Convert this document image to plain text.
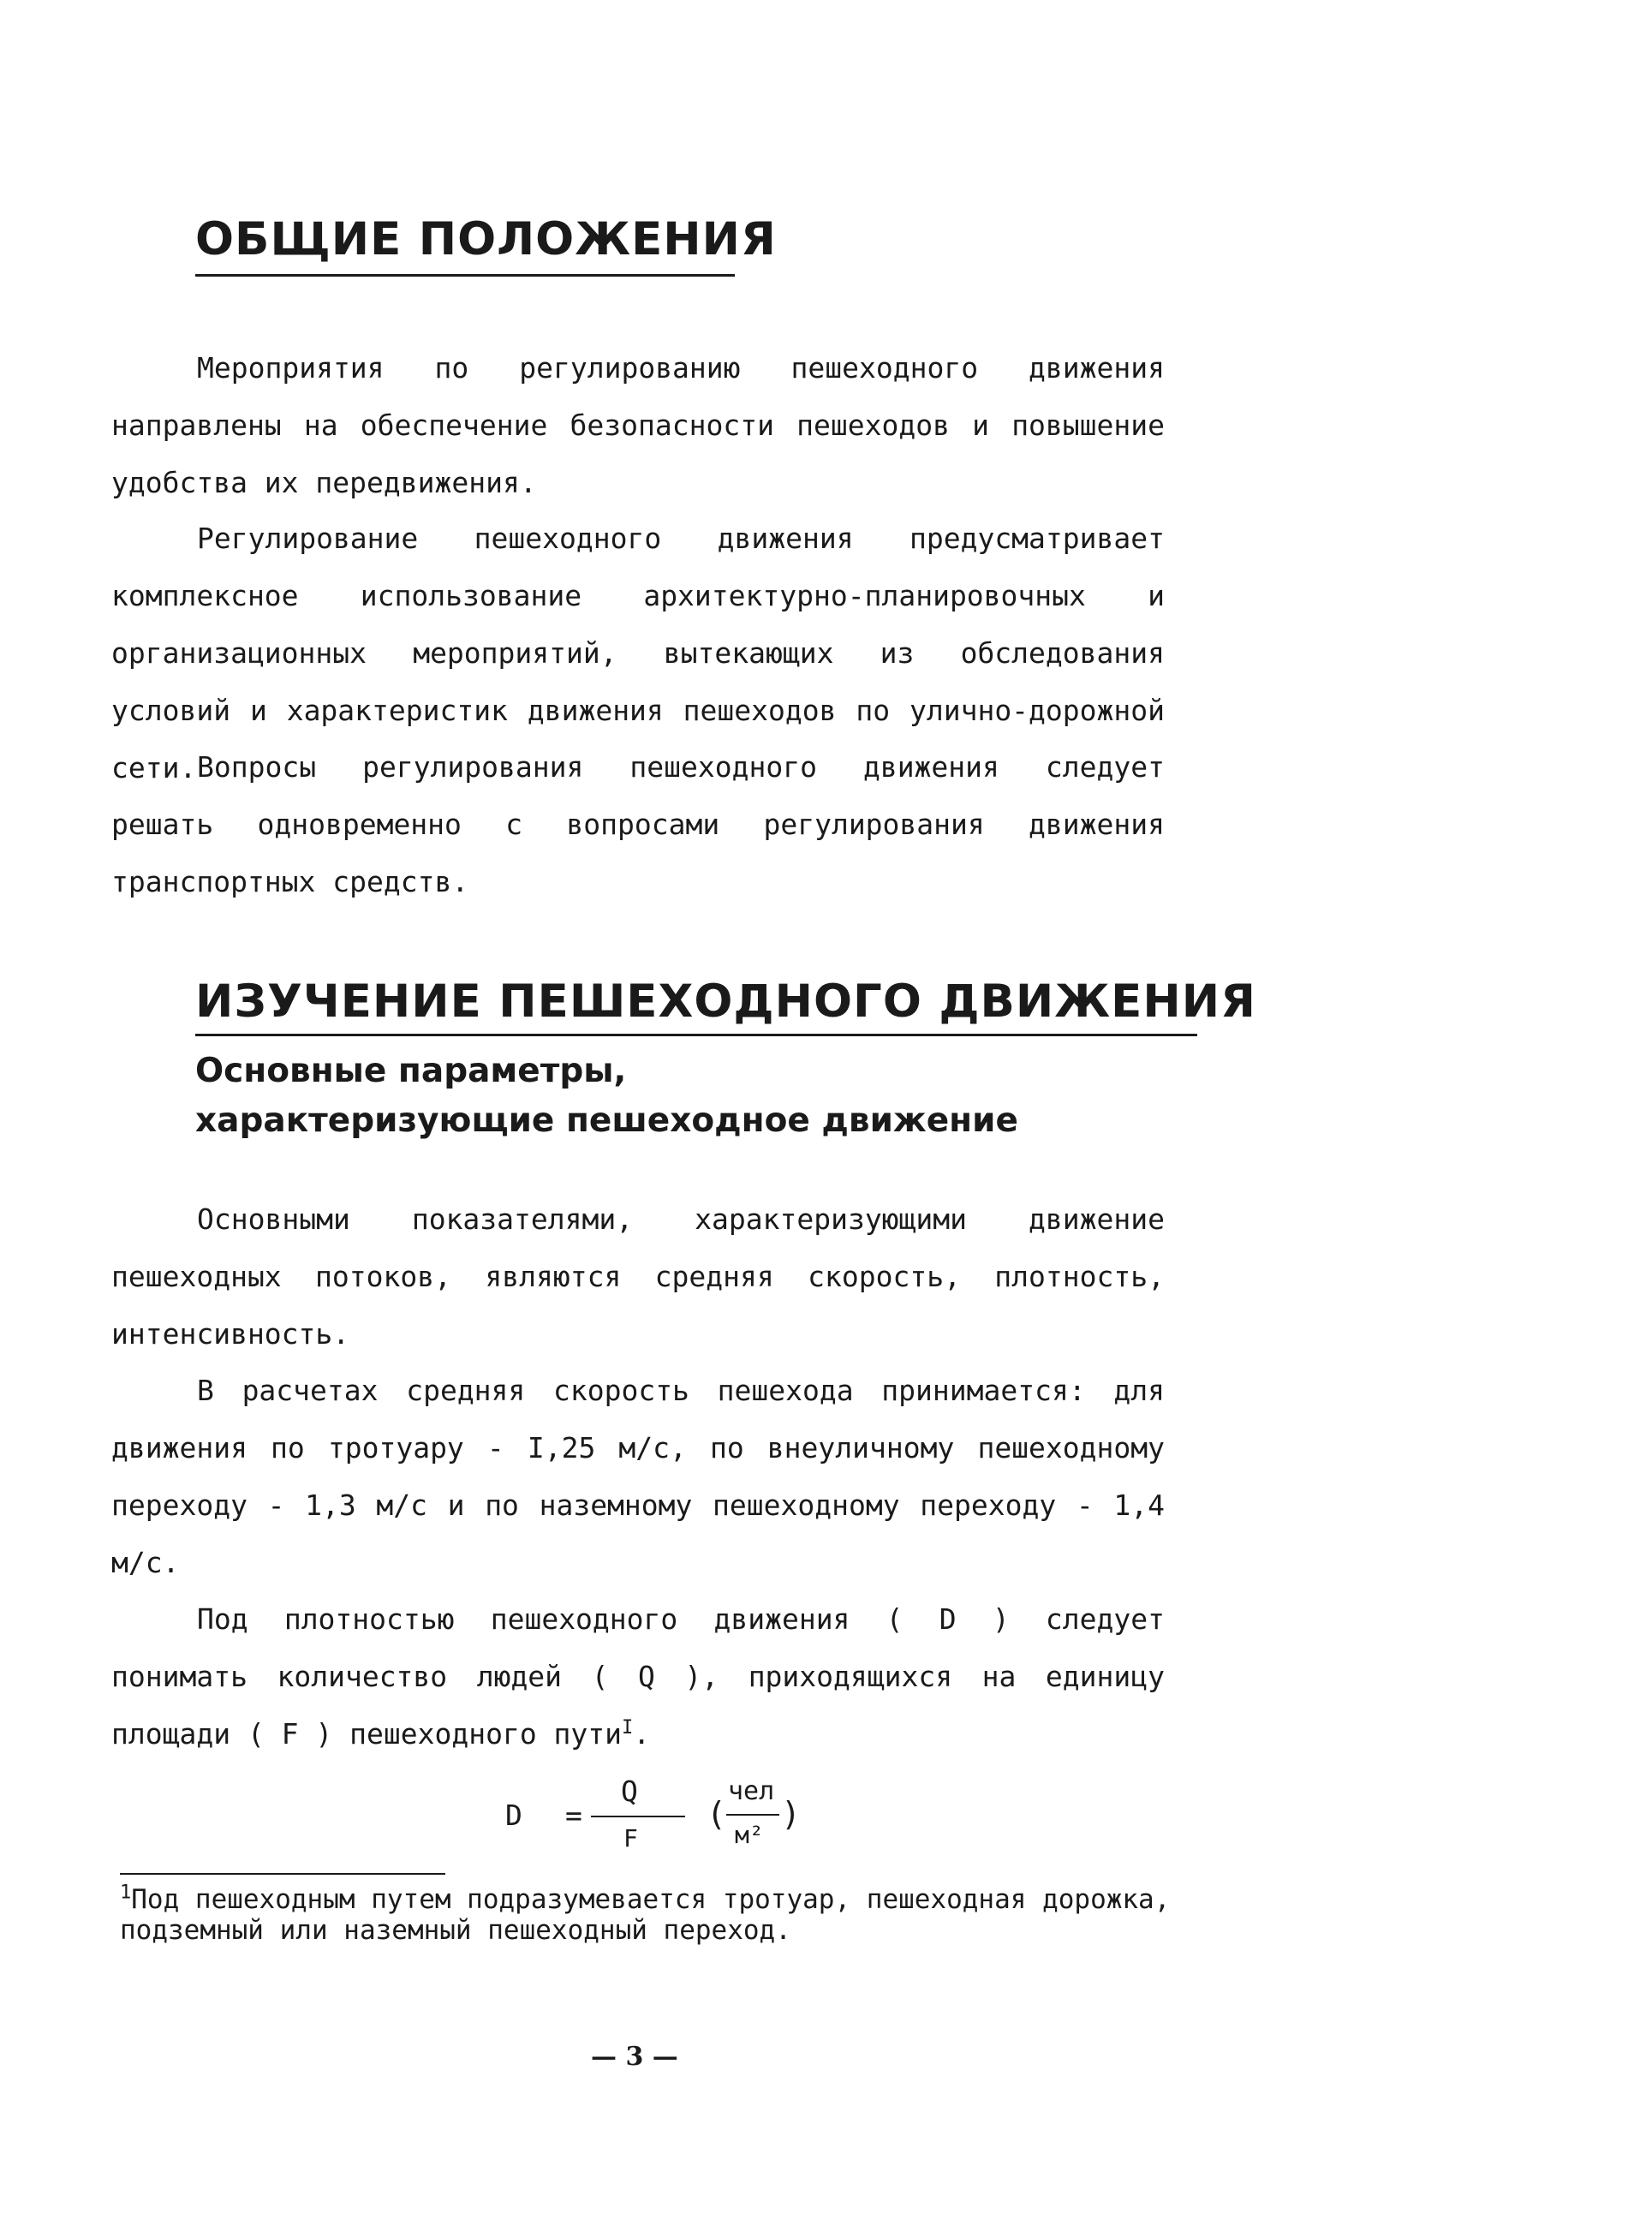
ОБЩИЕ ПОЛОЖЕНИЯ

Мероприятия по регулированию пешеходного движения направлены на обеспечение безопасности пешеходов и повышение удобства их передвижения.

Регулирование пешеходного движения предусматривает комплексное использование архитектурно-планировочных и организационных мероприятий, вытекающих из обследования условий и характеристик движения пешеходов по улично-дорожной сети. Вопросы регулирования пешеходного движения следует решать одновременно с вопросами регулирования движения транспортных средств.

ИЗУЧЕНИЕ ПЕШЕХОДНОГО ДВИЖЕНИЯ
Основные параметры,
характеризующие пешеходное движение

Основными показателями, характеризующими движение пешеходных потоков, являются средняя скорость, плотность, интенсивность.

В расчетах средняя скорость пешехода принимается: для движения по тротуару - I,25 м/с, по внеуличному пешеходному переходу - 1,3 м/с и по наземному пешеходному переходу - 1,4 м/с.

Под плотностью пешеходного движения ( D ) следует понимать количество людей ( Q ), приходящихся на единицу площади ( F ) пешеходного пути$^I$.

D =
Q
F
(
чел
м²
)

$^1$Под пешеходным путем подразумевается тротуар, пешеходная дорожка, подземный или наземный пешеходный переход.

— 3 —
